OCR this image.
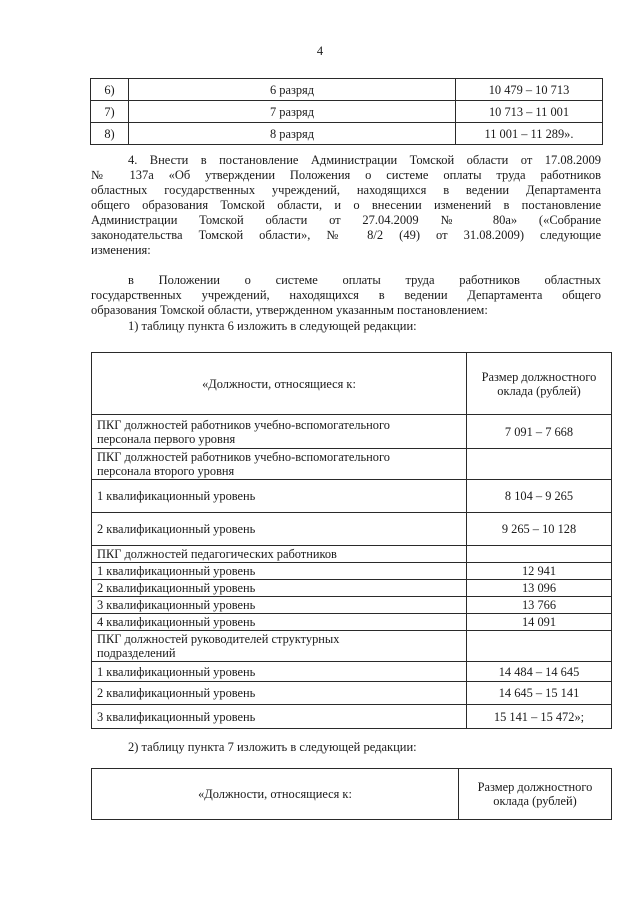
4
6)	6 разряд	10 479 – 10 713
7)	7 разряд	10 713 – 11 001
8)	8 разряд	11 001 – 11 289».

4. Внести в постановление Администрации Томской области от 17.08.2009

№ 137а «Об утверждении Положения о системе оплаты труда работников

областных государственных учреждений, находящихся в ведении Департамента

общего образования Томской области, и о внесении изменений в постановление

Администрации Томской области от 27.04.2009 № 80а» («Собрание

законодательства Томской области», № 8/2 (49) от 31.08.2009) следующие

изменения:

в Положении о системе оплаты труда работников областных

государственных учреждений, находящихся в ведении Департамента общего

образования Томской области, утвержденном указанным постановлением:

1) таблицу пункта 6 изложить в следующей редакции:

«Должности, относящиеся к:	Размер должностного
оклада (рублей)

ПКГ должностей работников учебно-вспомогательного
персонала первого уровня	7 091 – 7 668

ПКГ должностей работников учебно-вспомогательного
персонала второго уровня	

1 квалификационный уровень	8 104 – 9 265

2 квалификационный уровень	9 265 – 10 128

ПКГ должностей педагогических работников	

1 квалификационный уровень	12 941

2 квалификационный уровень	13 096

3 квалификационный уровень	13 766

4 квалификационный уровень	14 091

ПКГ должностей руководителей структурных
подразделений	

1 квалификационный уровень	14 484 – 14 645

2 квалификационный уровень	14 645 – 15 141

3 квалификационный уровень	15 141 – 15 472»;

2) таблицу пункта 7 изложить в следующей редакции:

«Должности, относящиеся к:	Размер должностного
оклада (рублей)
